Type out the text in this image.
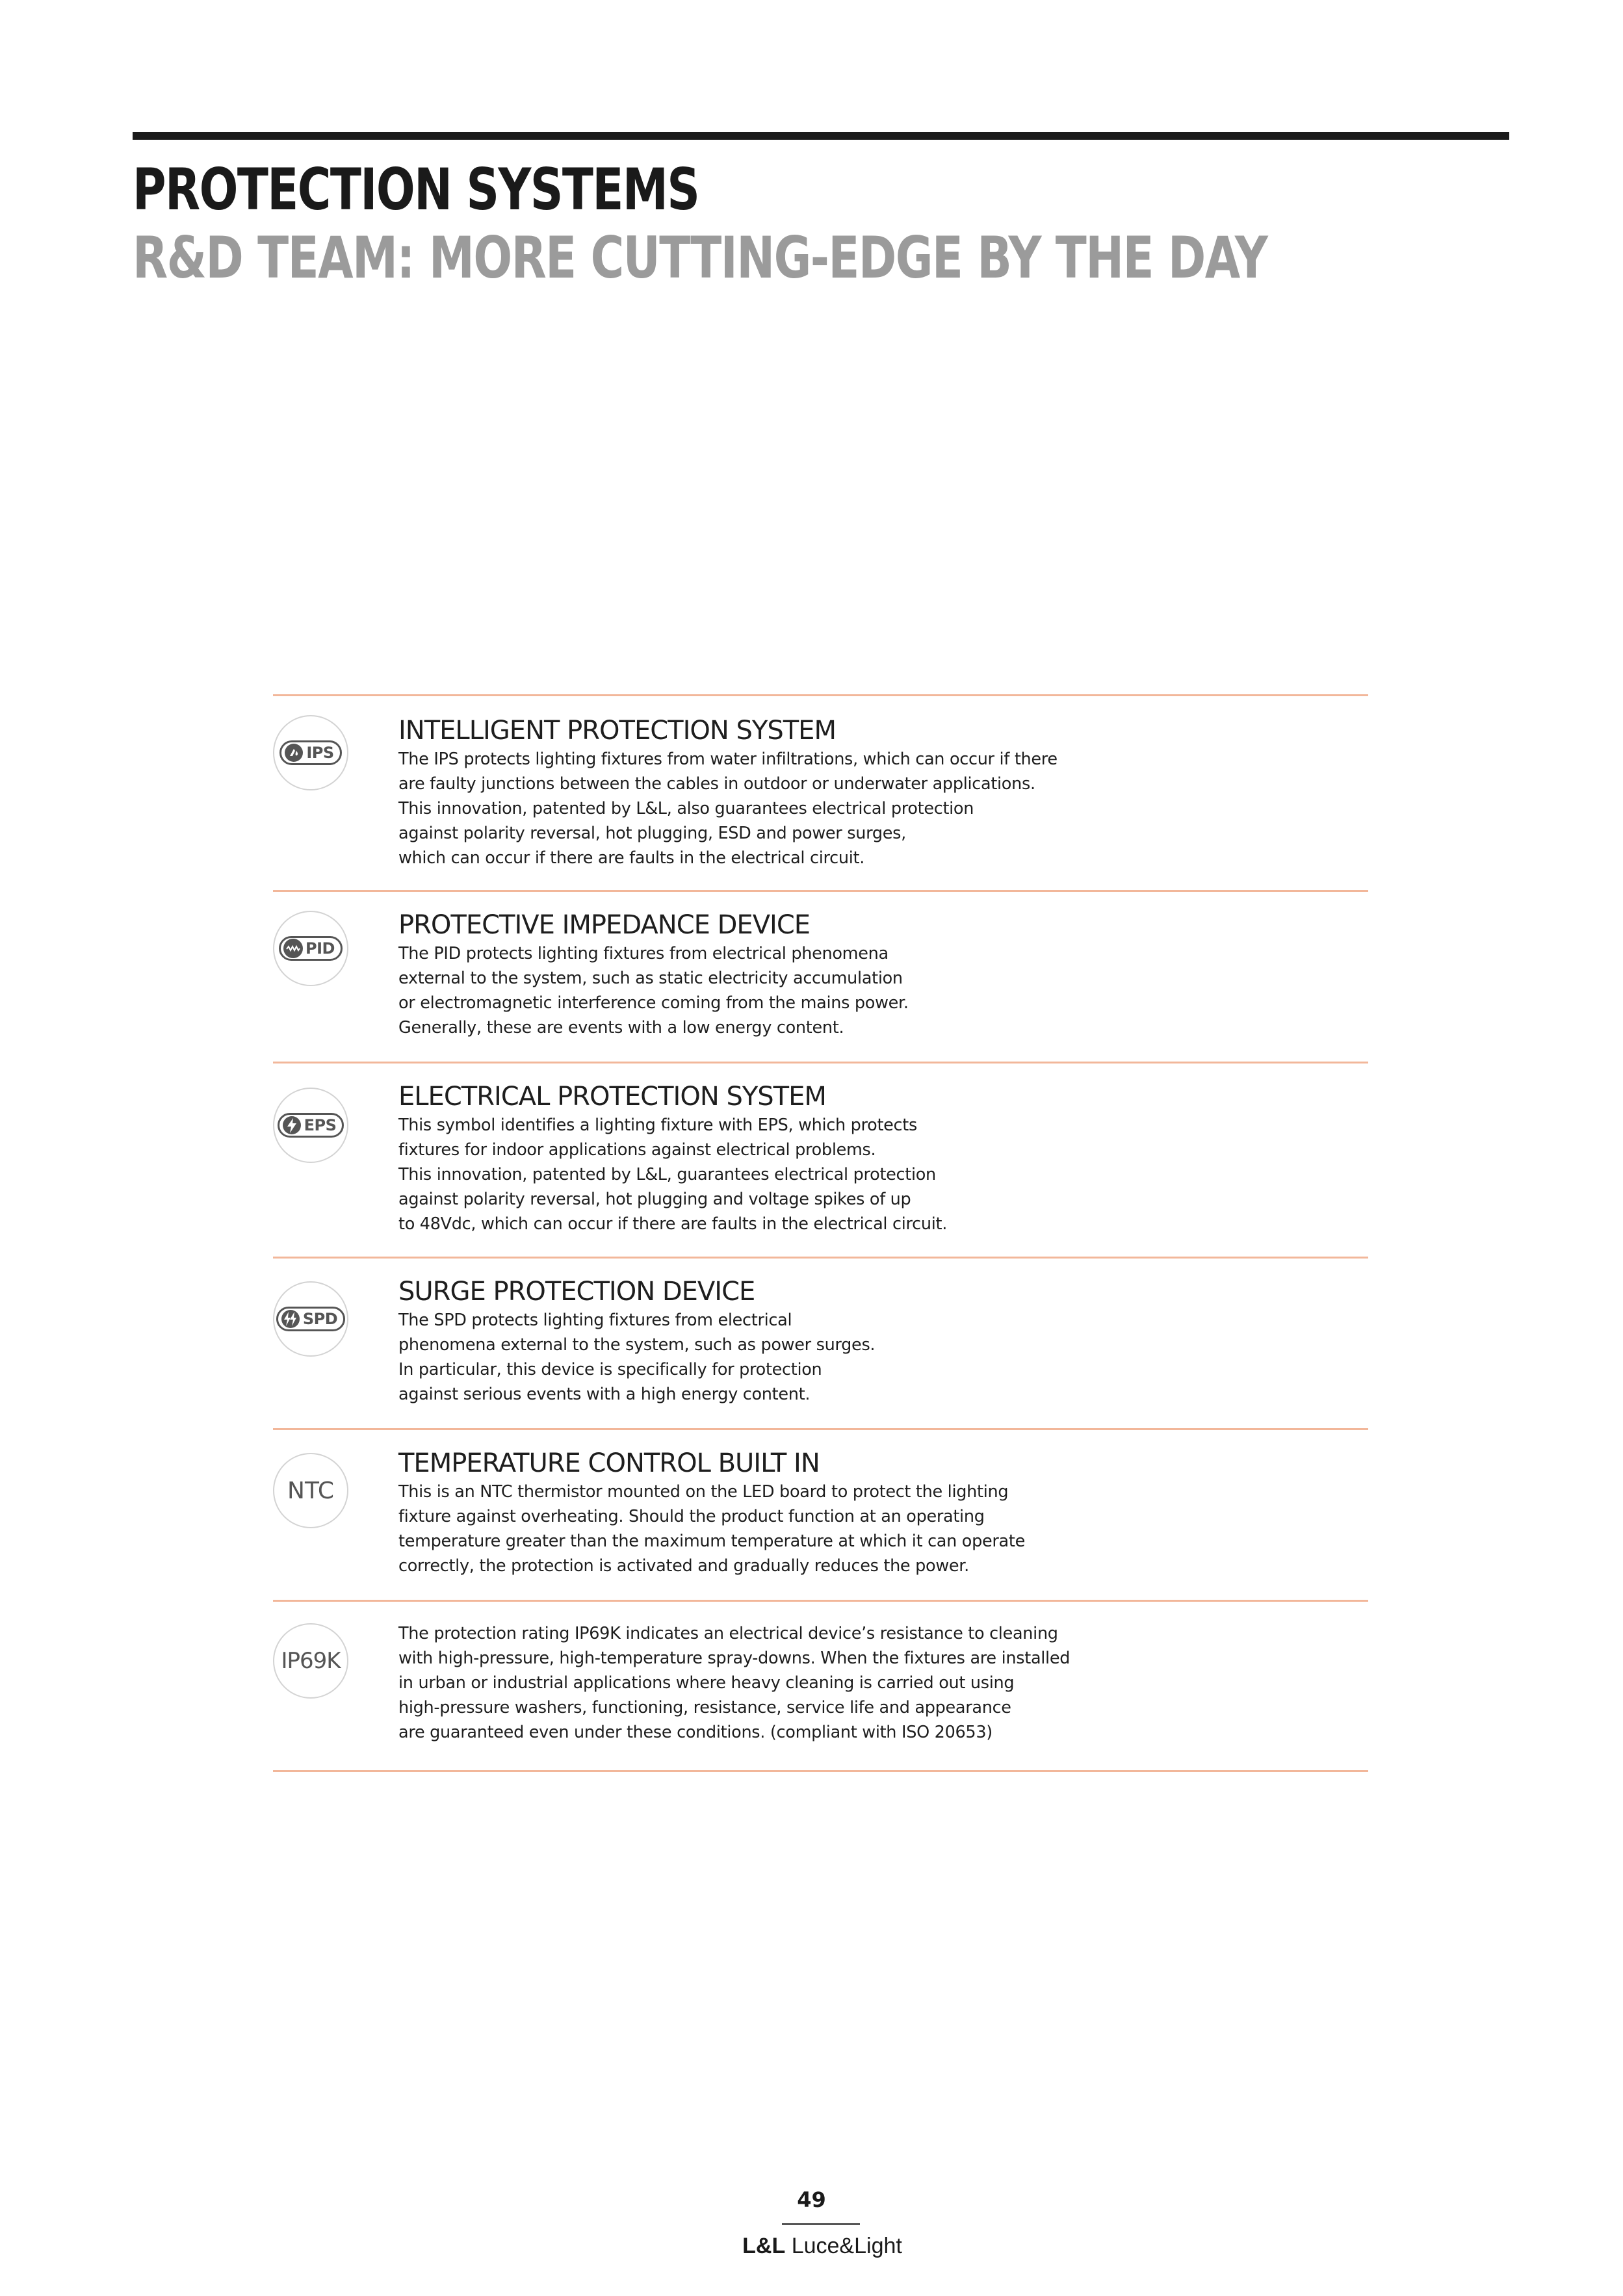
PROTECTION SYSTEMS
R&D TEAM: MORE CUTTING-EDGE BY THE DAY
IPS
INTELLIGENT PROTECTION SYSTEM

The IPS protects lighting fixtures from water infiltrations, which can occur if there
are faulty junctions between the cables in outdoor or underwater applications.
This innovation, patented by L&L, also guarantees electrical protection
against polarity reversal, hot plugging, ESD and power surges,
which can occur if there are faults in the electrical circuit.

PID
PROTECTIVE IMPEDANCE DEVICE

The PID protects lighting fixtures from electrical phenomena
external to the system, such as static electricity accumulation
or electromagnetic interference coming from the mains power.
Generally, these are events with a low energy content.

EPS
ELECTRICAL PROTECTION SYSTEM

This symbol identifies a lighting fixture with EPS, which protects
fixtures for indoor applications against electrical problems.
This innovation, patented by L&L, guarantees electrical protection
against polarity reversal, hot plugging and voltage spikes of up
to 48Vdc, which can occur if there are faults in the electrical circuit.

SPD
SURGE PROTECTION DEVICE

The SPD protects lighting fixtures from electrical
phenomena external to the system, such as power surges.
In particular, this device is specifically for protection
against serious events with a high energy content.

NTC
TEMPERATURE CONTROL BUILT IN

This is an NTC thermistor mounted on the LED board to protect the lighting
fixture against overheating. Should the product function at an operating
temperature greater than the maximum temperature at which it can operate
correctly, the protection is activated and gradually reduces the power.

IP69K

The protection rating IP69K indicates an electrical device’s resistance to cleaning
with high-pressure, high-temperature spray-downs. When the fixtures are installed
in urban or industrial applications where heavy cleaning is carried out using
high-pressure washers, functioning, resistance, service life and appearance
are guaranteed even under these conditions. (compliant with ISO 20653)

49
L&L Luce&Light
